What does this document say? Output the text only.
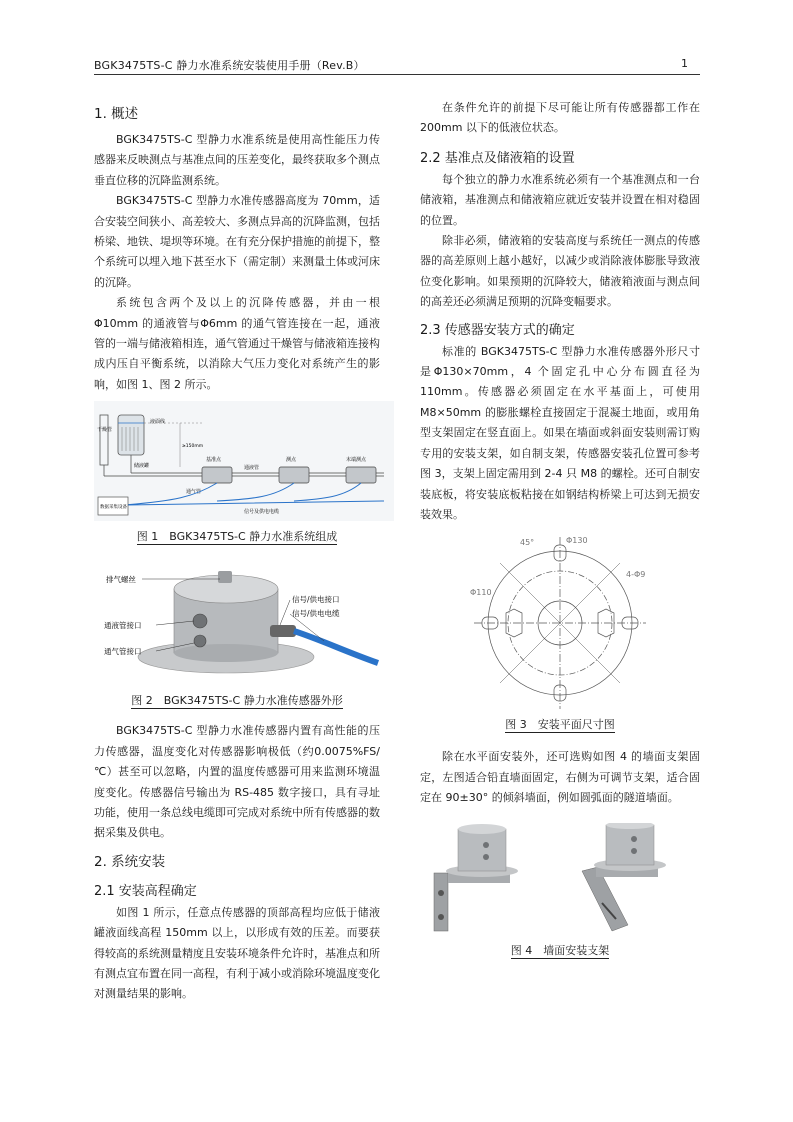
BGK3475TS-C 静力水准系统安装使用手册（Rev.B）	1
1. 概述

BGK3475TS-C 型静力水准系统是使用高性能压力传感器来反映测点与基准点间的压差变化，最终获取多个测点垂直位移的沉降监测系统。

BGK3475TS-C 型静力水准传感器高度为 70mm，适合安装空间狭小、高差较大、多测点异高的沉降监测，包括桥梁、地铁、堤坝等环境。在有充分保护措施的前提下，整个系统可以埋入地下甚至水下（需定制）来测量土体或河床的沉降。

系统包含两个及以上的沉降传感器，并由一根Φ10mm 的通液管与Φ6mm 的通气管连接在一起，通液管的一端与储液箱相连，通气管通过干燥管与储液箱连接构成内压自平衡系统，以消除大气压力变化对系统产生的影响，如图 1、图 2 所示。

干燥管
液面线
≥150mm
储液罐	通液管
基准点	测点	末端测点
通气管
信号及供电电缆
数据采集设备
图 1　BGK3475TS-C 静力水准系统组成
排气螺丝
通液管接口
通气管接口
信号/供电接口
信号/供电电缆
图 2　BGK3475TS-C 静力水准传感器外形

BGK3475TS-C 型静力水准传感器内置有高性能的压力传感器，温度变化对传感器影响极低（约0.0075%FS/℃）甚至可以忽略，内置的温度传感器可用来监测环境温度变化。传感器信号输出为 RS-485 数字接口，具有寻址功能，使用一条总线电缆即可完成对系统中所有传感器的数据采集及供电。

2. 系统安装
2.1 安装高程确定

如图 1 所示，任意点传感器的顶部高程均应低于储液罐液面线高程 150mm 以上，以形成有效的压差。而要获得较高的系统测量精度且安装环境条件允许时，基准点和所有测点宜布置在同一高程，有利于减小或消除环境温度变化对测量结果的影响。

在条件允许的前提下尽可能让所有传感器都工作在 200mm 以下的低液位状态。

2.2 基准点及储液箱的设置

每个独立的静力水准系统必须有一个基准测点和一台储液箱，基准测点和储液箱应就近安装并设置在相对稳固的位置。

除非必须，储液箱的安装高度与系统任一测点的传感器的高差原则上越小越好，以减少或消除液体膨胀导致液位变化影响。如果预期的沉降较大，储液箱液面与测点间的高差还必须满足预期的沉降变幅要求。

2.3 传感器安装方式的确定

标准的 BGK3475TS-C 型静力水准传感器外形尺寸是Φ130×70mm，4 个固定孔中心分布圆直径为110mm。传感器必须固定在水平基面上，可使用 M8×50mm 的膨胀螺栓直接固定于混凝土地面，或用角型支架固定在竖直面上。如果在墙面或斜面安装则需订购专用的安装支架，如自制支架，传感器安装孔位置可参考图 3，支架上固定需用到 2-4 只 M8 的螺栓。还可自制安装底板，将安装底板粘接在如钢结构桥梁上可达到无损安装效果。

45°	Φ130
Φ110
4-Φ9
图 3　安装平面尺寸图

除在水平面安装外，还可选购如图 4 的墙面支架固定，左图适合铅直墙面固定，右侧为可调节支架，适合固定在 90±30° 的倾斜墙面，例如圆弧面的隧道墙面。

图 4　墙面安装支架
